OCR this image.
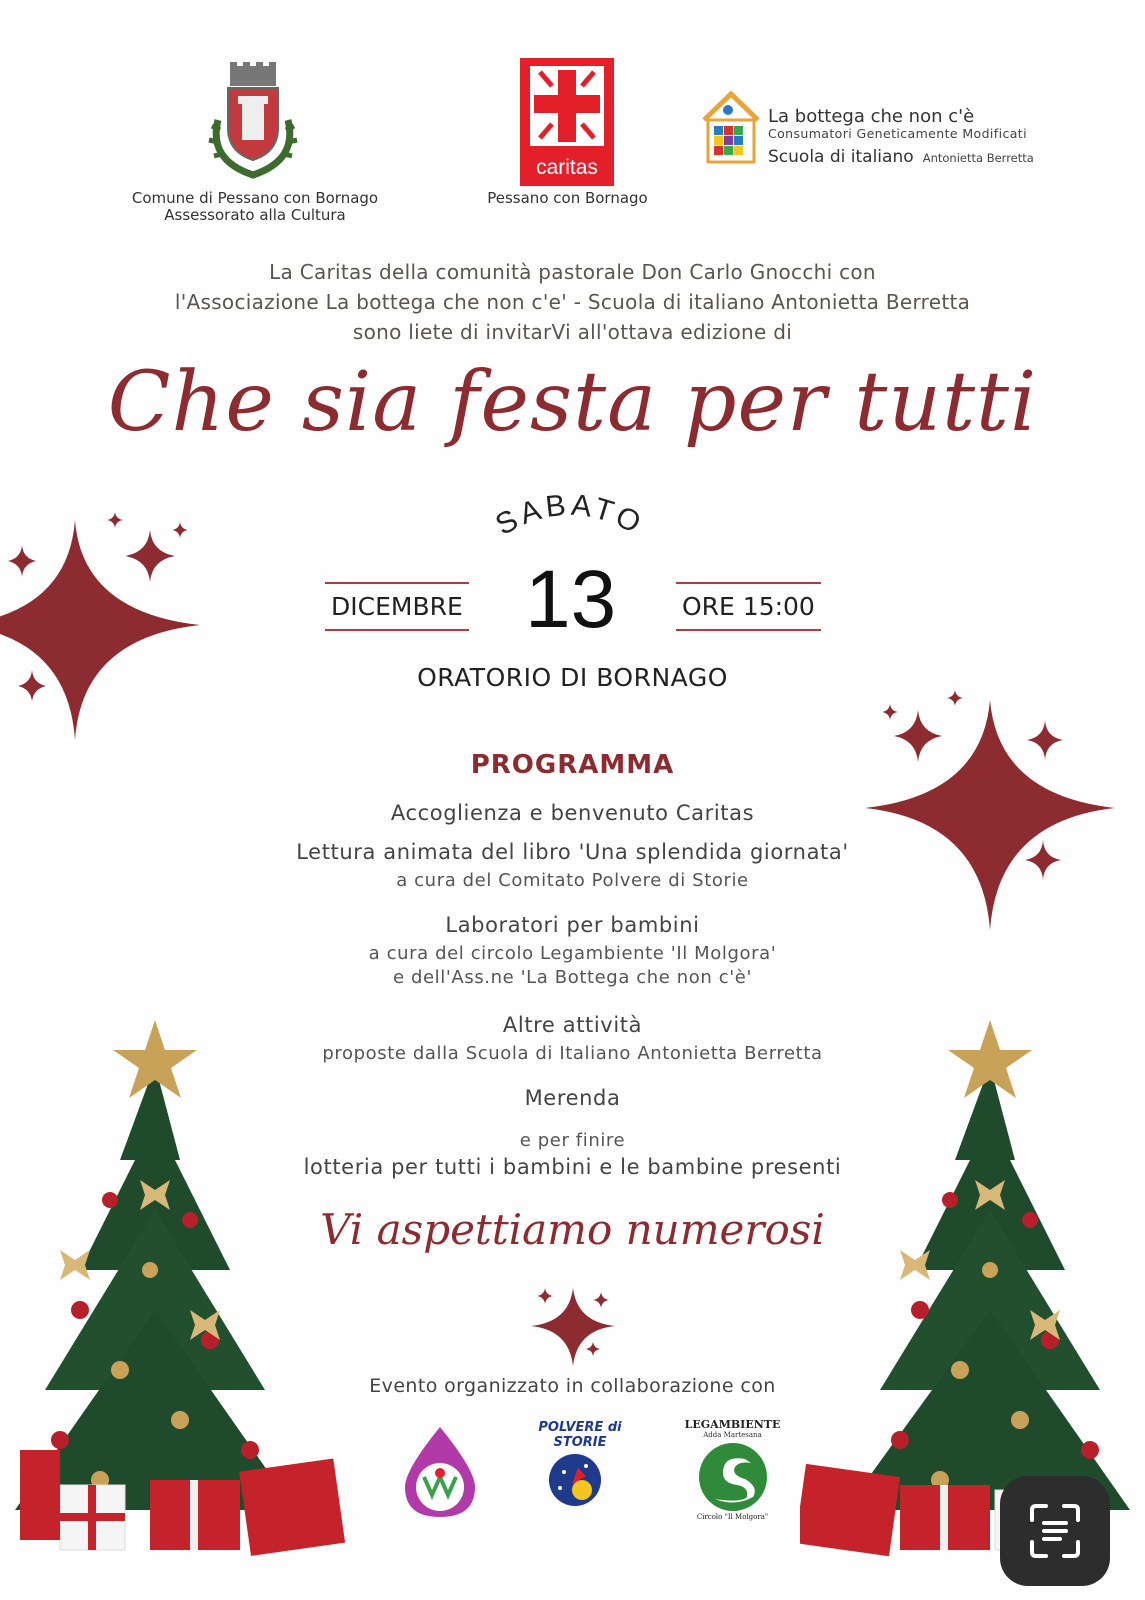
Comune di Pessano con Bornago
Assessorato alla Cultura
caritas
Pessano con Bornago
La bottega che non c'è
Consumatori Geneticamente Modificati
Scuola di italiano Antonietta Berretta
La Caritas della comunità pastorale Don Carlo Gnocchi con
l'Associazione La bottega che non c'e' - Scuola di italiano Antonietta Berretta
sono liete di invitarVi all'ottava edizione di
Che sia festa per tutti
SABATO
DICEMBRE 13	ORE 15:00
ORATORIO DI BORNAGO
PROGRAMMA
Accoglienza e benvenuto Caritas
Lettura animata del libro 'Una splendida giornata'
a cura del Comitato Polvere di Storie
Laboratori per bambini
a cura del circolo Legambiente 'Il Molgora'
e dell'Ass.ne 'La Bottega che non c'è'
Altre attività
proposte dalla Scuola di Italiano Antonietta Berretta
Merenda
e per finire
lotteria per tutti i bambini e le bambine presenti
Vi aspettiamo numerosi
Evento organizzato in collaborazione con
POLVERE di STORIE
LEGAMBIENTE
Adda Martesana
Circolo "Il Molgora"
